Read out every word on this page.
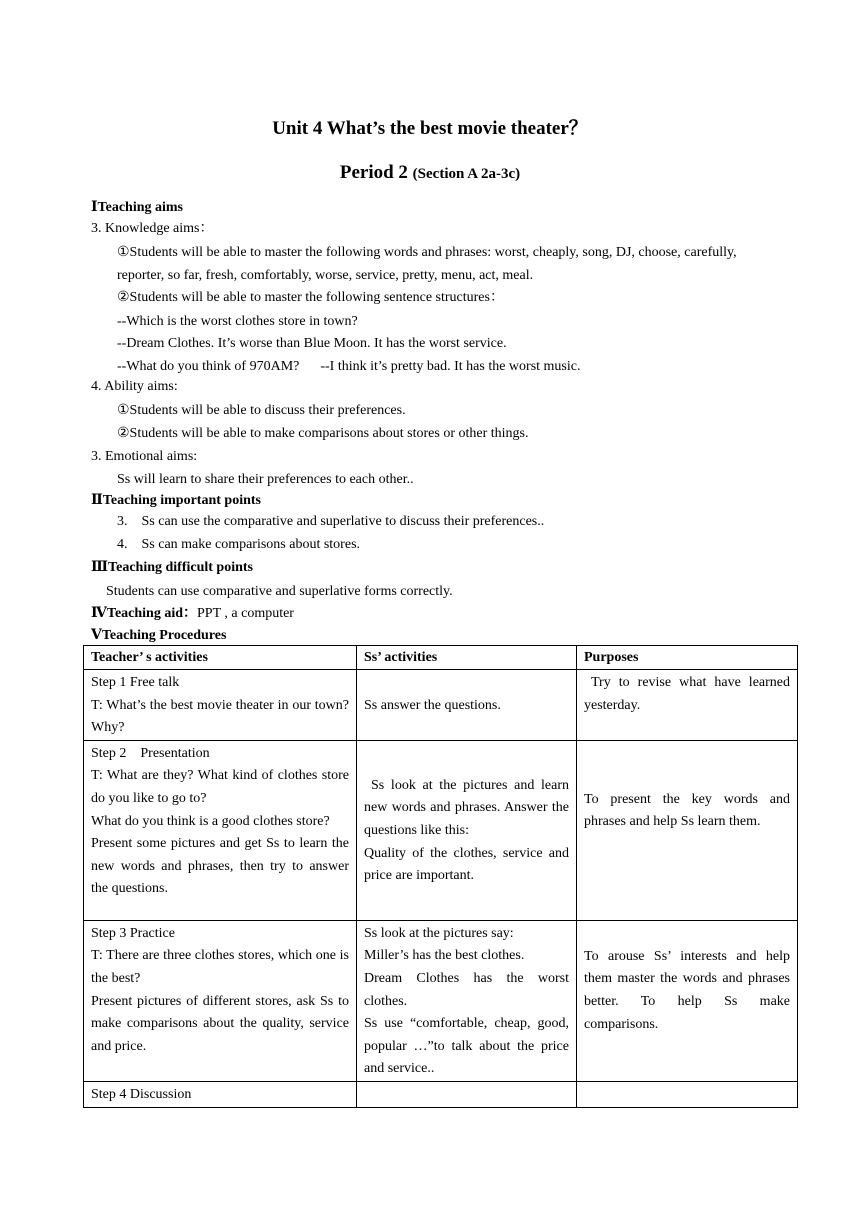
Unit 4 What’s the best movie theater？
Period 2 (Section A 2a-3c)
ⅠTeaching aims
3. Knowledge aims：
①Students will be able to master the following words and phrases: worst, cheaply, song, DJ, choose, carefully,
reporter, so far, fresh, comfortably, worse, service, pretty, menu, act, meal.
②Students will be able to master the following sentence structures：
--Which is the worst clothes store in town?
--Dream Clothes. It’s worse than Blue Moon. It has the worst service.
--What do you think of 970AM?      --I think it’s pretty bad. It has the worst music.
4. Ability aims:
①Students will be able to discuss their preferences.
②Students will be able to make comparisons about stores or other things.
3. Emotional aims:
Ss will learn to share their preferences to each other..
ⅡTeaching important points
3.    Ss can use the comparative and superlative to discuss their preferences..
4.    Ss can make comparisons about stores.
ⅢTeaching difficult points
Students can use comparative and superlative forms correctly.
ⅣTeaching aid：PPT , a computer
ⅤTeaching Procedures
Teacher’ s activities	Ss’ activities	Purposes

Step 1 Free talk
T: What’s the best movie theater in our town? Why?	Ss answer the questions.	Try to revise what have learned yesterday.

Step 2    Presentation
T: What are they? What kind of clothes store do you like to go to?
What do you think is a good clothes store?
Present some pictures and get Ss to learn the new words and phrases, then try to answer the questions.	Ss look at the pictures and learn new words and phrases. Answer the questions like this:
Quality of the clothes, service and price are important.	To present the key words and phrases and help Ss learn them.

Step 3 Practice
T: There are three clothes stores, which one is the best?
Present pictures of different stores, ask Ss to make comparisons about the quality, service and price.	Ss look at the pictures say:
Miller’s has the best clothes.
Dream Clothes has the worst clothes.
Ss use “comfortable, cheap, good, popular …”to talk about the price and service..	To arouse Ss’ interests and help them master the words and phrases better. To help Ss make comparisons.
Step 4 Discussion		
